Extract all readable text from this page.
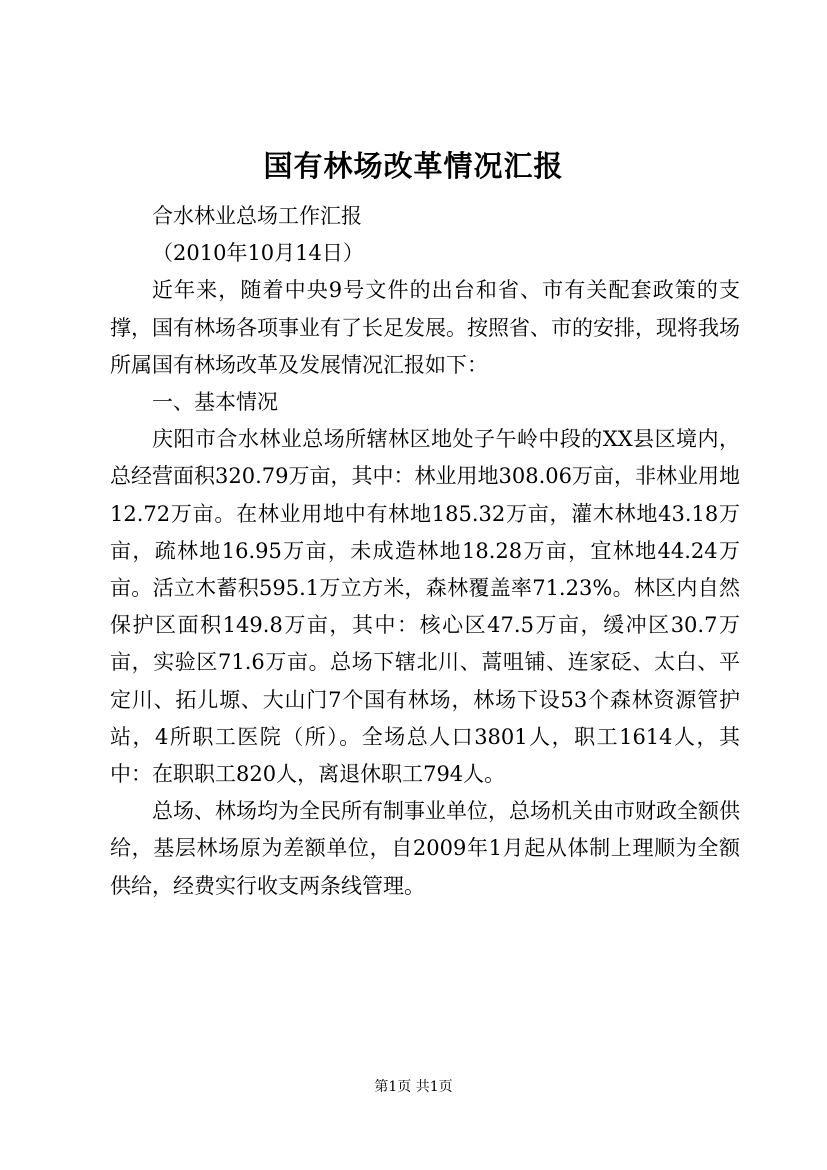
国有林场改革情况汇报

合水林业总场工作汇报

（2010年10月14日）

近年来，随着中央9号文件的出台和省、市有关配套政策的支撑，国有林场各项事业有了长足发展。按照省、市的安排，现将我场所属国有林场改革及发展情况汇报如下：

一、基本情况

庆阳市合水林业总场所辖林区地处子午岭中段的XX县区境内，总经营面积320.79万亩，其中：林业用地308.06万亩，非林业用地12.72万亩。在林业用地中有林地185.32万亩，灌木林地43.18万亩，疏林地16.95万亩，未成造林地18.28万亩，宜林地44.24万亩。活立木蓄积595.1万立方米，森林覆盖率71.23%。林区内自然保护区面积149.8万亩，其中：核心区47.5万亩，缓冲区30.7万亩，实验区71.6万亩。总场下辖北川、蒿咀铺、连家砭、太白、平定川、拓儿塬、大山门7个国有林场，林场下设53个森林资源管护站，4所职工医院（所）。全场总人口3801人，职工1614人，其中：在职职工820人，离退休职工794人。

总场、林场均为全民所有制事业单位，总场机关由市财政全额供给，基层林场原为差额单位，自2009年1月起从体制上理顺为全额供给，经费实行收支两条线管理。

第1页 共1页
